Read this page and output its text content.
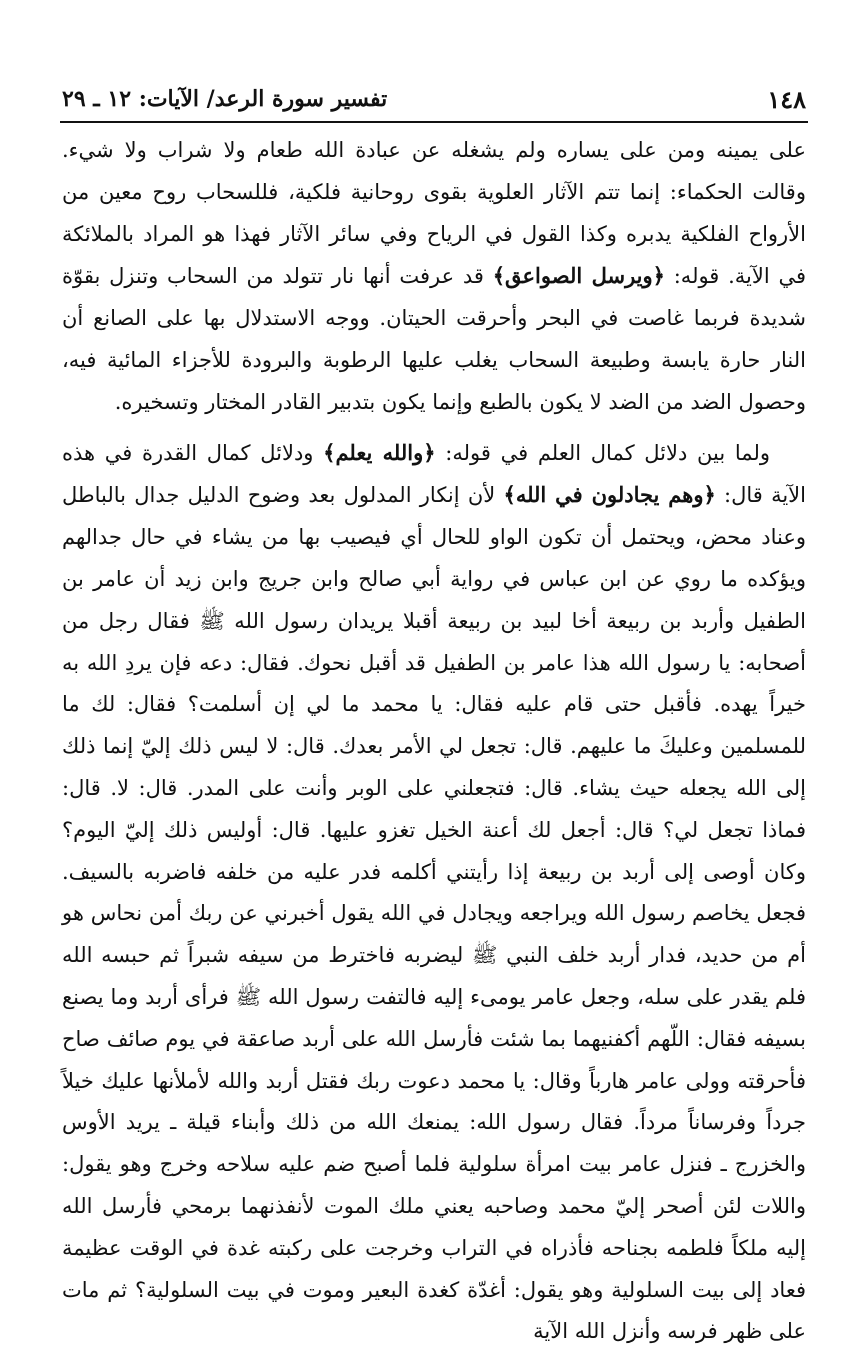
١٤٨
تفسير سورة الرعد/ الآيات: ١٢ ـ ٢٩

على يمينه ومن على يساره ولم يشغله عن عبادة الله طعام ولا شراب ولا شيء. وقالت الحكماء: إنما تتم الآثار العلوية بقوى روحانية فلكية، فللسحاب روح معين من الأرواح الفلكية يدبره وكذا القول في الرياح وفي سائر الآثار فهذا هو المراد بالملائكة في الآية. قوله: ﴿ويرسل الصواعق﴾ قد عرفت أنها نار تتولد من السحاب وتنزل بقوّة شديدة فربما غاصت في البحر وأحرقت الحيتان. ووجه الاستدلال بها على الصانع أن النار حارة يابسة وطبيعة السحاب يغلب عليها الرطوبة والبرودة للأجزاء المائية فيه، وحصول الضد من الضد لا يكون بالطبع وإنما يكون بتدبير القادر المختار وتسخيره.

ولما بين دلائل كمال العلم في قوله: ﴿والله يعلم﴾ ودلائل كمال القدرة في هذه الآية قال: ﴿وهم يجادلون في الله﴾ لأن إنكار المدلول بعد وضوح الدليل جدال بالباطل وعناد محض، ويحتمل أن تكون الواو للحال أي فيصيب بها من يشاء في حال جدالهم ويؤكده ما روي عن ابن عباس في رواية أبي صالح وابن جريج وابن زيد أن عامر بن الطفيل وأربد بن ربيعة أخا لبيد بن ربيعة أقبلا يريدان رسول الله ﷺ فقال رجل من أصحابه: يا رسول الله هذا عامر بن الطفيل قد أقبل نحوك. فقال: دعه فإن يردِ الله به خيراً يهده. فأقبل حتى قام عليه فقال: يا محمد ما لي إن أسلمت؟ فقال: لك ما للمسلمين وعليكَ ما عليهم. قال: تجعل لي الأمر بعدك. قال: لا ليس ذلك إليّ إنما ذلك إلى الله يجعله حيث يشاء. قال: فتجعلني على الوبر وأنت على المدر. قال: لا. قال: فماذا تجعل لي؟ قال: أجعل لك أعنة الخيل تغزو عليها. قال: أوليس ذلك إليّ اليوم؟ وكان أوصى إلى أربد بن ربيعة إذا رأيتني أكلمه فدر عليه من خلفه فاضربه بالسيف. فجعل يخاصم رسول الله ويراجعه ويجادل في الله يقول أخبرني عن ربك أمن نحاس هو أم من حديد، فدار أربد خلف النبي ﷺ ليضربه فاخترط من سيفه شبراً ثم حبسه الله فلم يقدر على سله، وجعل عامر يومىء إليه فالتفت رسول الله ﷺ فرأى أربد وما يصنع بسيفه فقال: اللّهم أكفنيهما بما شئت فأرسل الله على أربد صاعقة في يوم صائف صاح فأحرقته وولى عامر هارباً وقال: يا محمد دعوت ربك فقتل أربد والله لأملأنها عليك خيلاً جرداً وفرساناً مرداً. فقال رسول الله: يمنعك الله من ذلك وأبناء قيلة ـ يريد الأوس والخزرج ـ فنزل عامر بيت امرأة سلولية فلما أصبح ضم عليه سلاحه وخرج وهو يقول: واللات لئن أصحر إليّ محمد وصاحبه يعني ملك الموت لأنفذنهما برمحي فأرسل الله إليه ملكاً فلطمه بجناحه فأذراه في التراب وخرجت على ركبته غدة في الوقت عظيمة فعاد إلى بيت السلولية وهو يقول: أغدّة كغدة البعير وموت في بيت السلولية؟ ثم مات على ظهر فرسه وأنزل الله الآية
